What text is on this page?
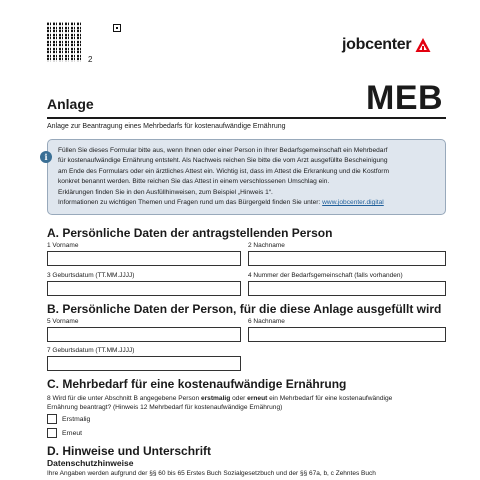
2
jobcenter
Anlage	MEB
Anlage zur Beantragung eines Mehrbedarfs für kostenaufwändige Ernährung

Füllen Sie dieses Formular bitte aus, wenn Ihnen oder einer Person in Ihrer Bedarfsgemeinschaft ein Mehrbedarf

für kostenaufwändige Ernährung entsteht. Als Nachweis reichen Sie bitte die vom Arzt ausgefüllte Bescheinigung

am Ende des Formulars oder ein ärztliches Attest ein. Wichtig ist, dass im Attest die Erkrankung und die Kostform

konkret benannt werden. Bitte reichen Sie das Attest in einem verschlossenen Umschlag ein.

Erklärungen finden Sie in den Ausfüllhinweisen, zum Beispiel „Hinweis 1“.

Informationen zu wichtigen Themen und Fragen rund um das Bürgergeld finden Sie unter: www.jobcenter.digital

i
A. Persönliche Daten der antragstellenden Person
1 Vorname	2 Nachname
3 Geburtsdatum (TT.MM.JJJJ)	4 Nummer der Bedarfsgemeinschaft (falls vorhanden)
B. Persönliche Daten der Person, für die diese Anlage ausgefüllt wird
5 Vorname	6 Nachname
7 Geburtsdatum (TT.MM.JJJJ)
C. Mehrbedarf für eine kostenaufwändige Ernährung
8 Wird für die unter Abschnitt B angegebene Person erstmalig oder erneut ein Mehrbedarf für eine kostenaufwändige
Ernährung beantragt? (Hinweis 12 Mehrbedarf für kostenaufwändige Ernährung)
Erstmalig
Erneut
D. Hinweise und Unterschrift
Datenschutzhinweise
Ihre Angaben werden aufgrund der §§ 60 bis 65 Erstes Buch Sozialgesetzbuch und der §§ 67a, b, c Zehntes Buch
